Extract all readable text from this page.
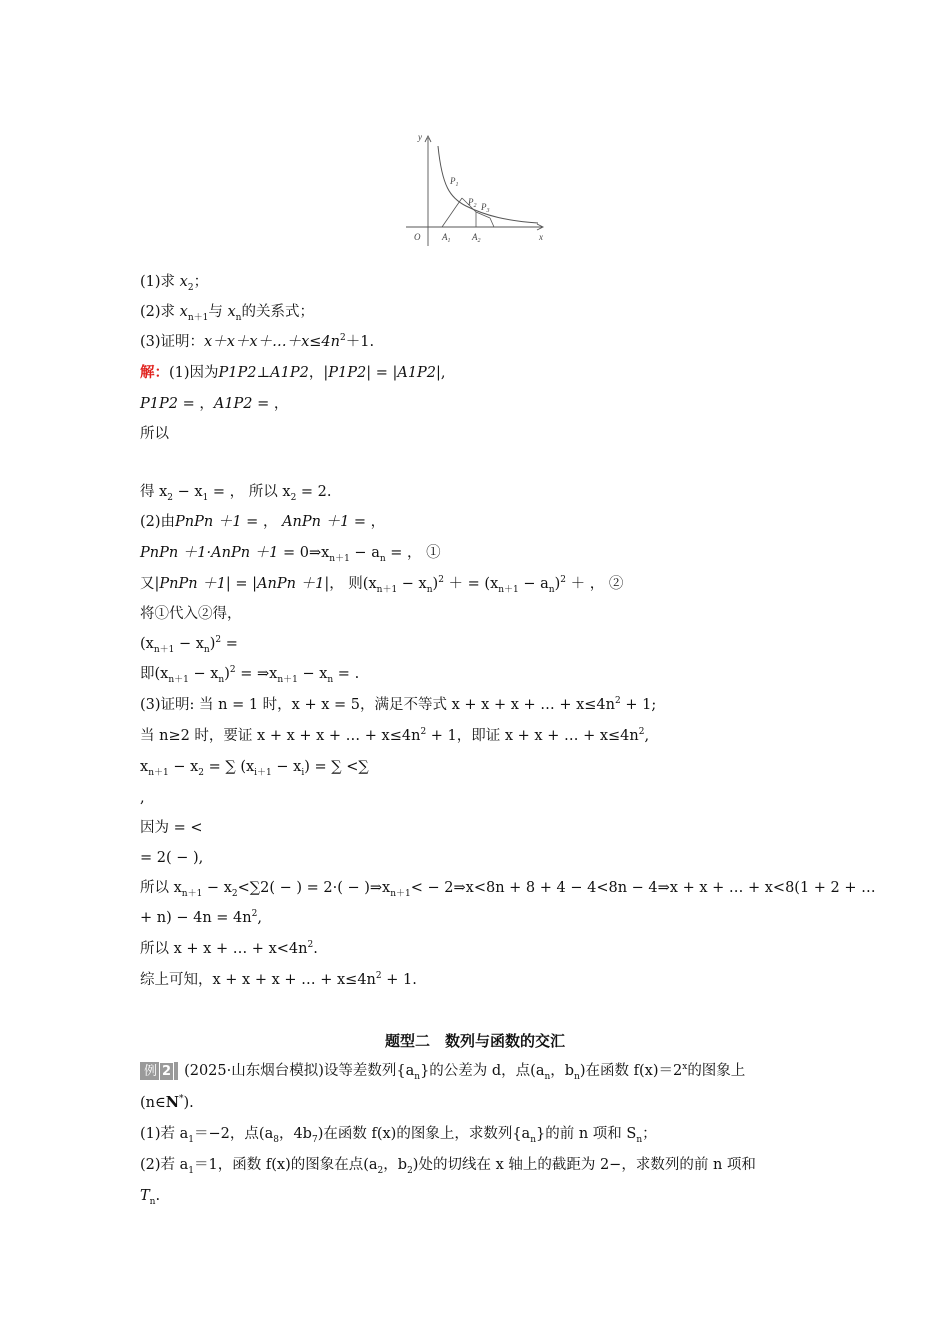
y
x
O
$P_1$
$P_2$ $P_3$
$A_1$ $A_2$
(1)求 $x_2$；
(2)求 $x_{n+1}$与 $x_n$的关系式；
(3)证明：$x+x+x+\dots+x\le 4n^2+1$.
解：(1)因为P1P2⊥A1P2，|P1P2| = |A1P2|,
P1P2 = ，A1P2 = ，
所以
得 $x_2 - x_1$ = ， 所以 $x_2 = 2$.
(2)由PnPn ＋1 = ， AnPn ＋1 = ，
PnPn ＋1·AnPn $+1 = 0\Rightarrow x_{n+1} - a_n$ = ， ①
又|PnPn ＋1| = |AnPn ＋1|， 则$(x_{n+1} - x_n)^2$ ＋ = $(x_{n+1} - a_n)^2$ ＋ ， ②
将①代入②得，
$(x_{n+1} - x_n)^2$ =
即$(x_{n+1} - x_n)^2$ = $\Rightarrow x_{n+1} - x_n$ = .
(3)证明: 当 n = 1 时，x + x = 5，满足不等式 x + x + x + … + $x\le 4n^2 + 1$;
当 n≥2 时，要证 x + x + x + … + $x\le 4n^2 + 1$，即证 x + x + … + $x\le 4n^2$,
$x_{n+1} - x_2$ = ∑ $(x_{i+1} - x_i)$ = ∑ <∑
,
因为 = <
= 2( − ),
所以 $x_{n+1} - x_2<\sum 2$( − ) = $2\cdot( - )\Rightarrow x_{n+1}<$ − 2⇒x<8n + 8 + 4 − 4<8n − 4⇒x + x + … + x<8(1 + 2 + …
+ $n) - 4n = 4n^2$,
所以 x + x + … + $x<4n^2$.
综上可知，x + x + x + … + $x\le 4n^2 + 1$.
题型二　数列与函数的交汇
例 2 (2025·山东烟台模拟)设等差数列$\{a_n\}$的公差为 d，点($a_n$，$b_n$)在函数 $f(x)=2^x$的图象上
(n∈N*).
(1)若 $a_1=-2$，点($a_8$，$4b_7$)在函数 f(x)的图象上，求数列$\{a_n\}$的前 n 项和 $S_n$；
(2)若 $a_1=1$，函数 f(x)的图象在点($a_2$，$b_2$)处的切线在 x 轴上的截距为 2−，求数列的前 n 项和
$T_n$.
